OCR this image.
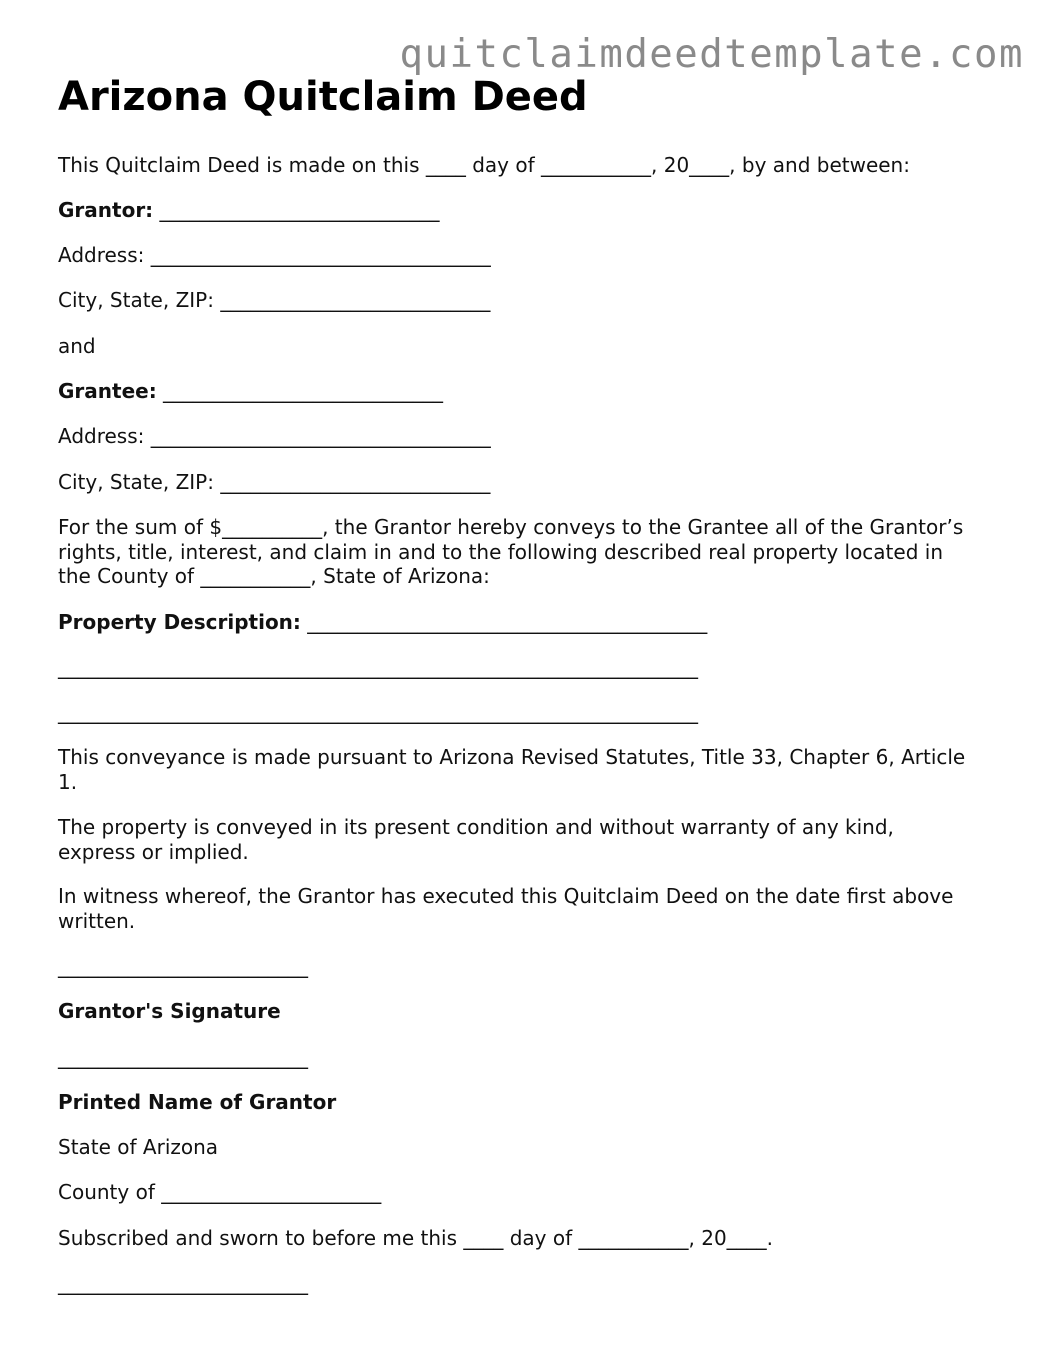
quitclaimdeedtemplate.com
Arizona Quitclaim Deed

This Quitclaim Deed is made on this ____ day of ___________, 20____, by and between:

Grantor: ____________________________

Address: __________________________________

City, State, ZIP: ___________________________

and

Grantee: ____________________________

Address: __________________________________

City, State, ZIP: ___________________________

For the sum of $__________, the Grantor hereby conveys to the Grantee all of the Grantor’s
rights, title, interest, and claim in and to the following described real property located in
the County of ___________, State of Arizona:

Property Description: ________________________________________

________________________________________________________________

________________________________________________________________

This conveyance is made pursuant to Arizona Revised Statutes, Title 33, Chapter 6, Article
1.

The property is conveyed in its present condition and without warranty of any kind,
express or implied.

In witness whereof, the Grantor has executed this Quitclaim Deed on the date first above
written.

_________________________

Grantor's Signature

_________________________

Printed Name of Grantor

State of Arizona

County of ______________________

Subscribed and sworn to before me this ____ day of ___________, 20____.

_________________________
